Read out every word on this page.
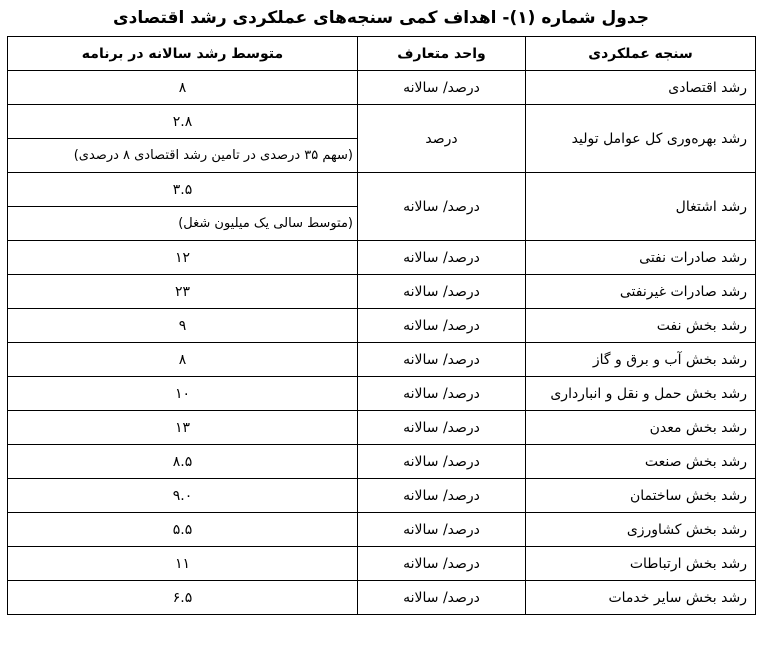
جدول شماره (۱)- اهداف کمی سنجه‌های عملکردی رشد اقتصادی
سنجه عملکردی	واحد متعارف	متوسط رشد سالانه در برنامه
رشد اقتصادی	درصد/ سالانه	۸
رشد بهره‌وری کل عوامل تولید	درصد	۲.۸
		(سهم ۳۵ درصدی در تامین رشد اقتصادی ۸ درصدی)
رشد اشتغال	درصد/ سالانه	۳.۵
		(متوسط سالی یک میلیون شغل)
رشد صادرات نفتی	درصد/ سالانه	۱۲
رشد صادرات غیرنفتی	درصد/ سالانه	۲۳
رشد بخش نفت	درصد/ سالانه	۹
رشد بخش آب و برق و گاز	درصد/ سالانه	۸
رشد بخش حمل و نقل و انبارداری	درصد/ سالانه	۱۰
رشد بخش معدن	درصد/ سالانه	۱۳
رشد بخش صنعت	درصد/ سالانه	۸.۵
رشد بخش ساختمان	درصد/ سالانه	۹.۰
رشد بخش کشاورزی	درصد/ سالانه	۵.۵
رشد بخش ارتباطات	درصد/ سالانه	۱۱
رشد بخش سایر خدمات	درصد/ سالانه	۶.۵
